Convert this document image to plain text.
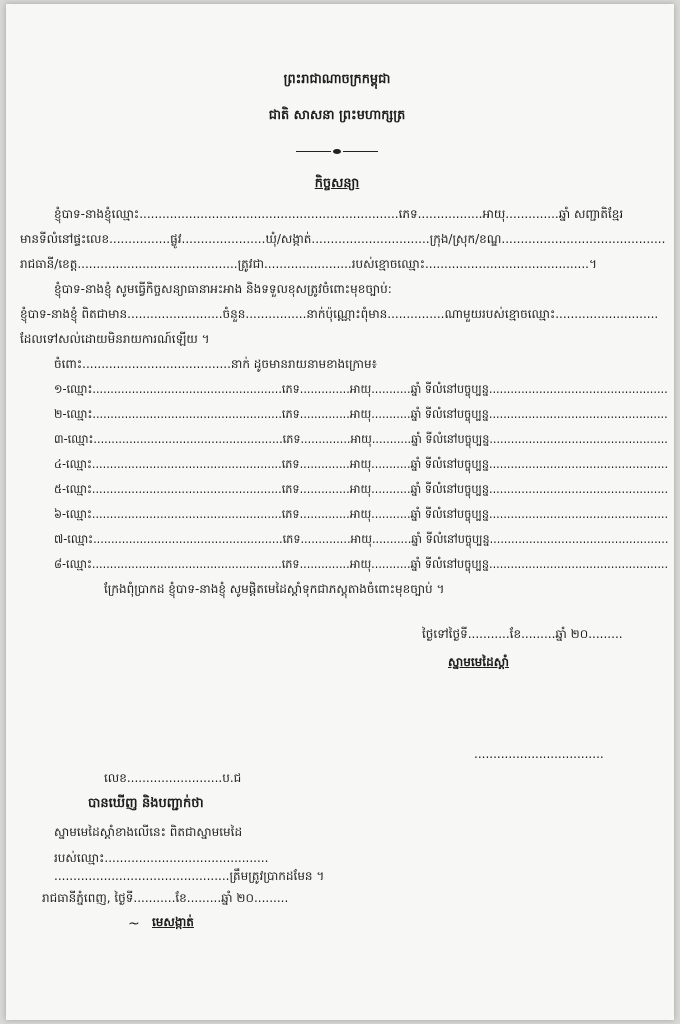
ព្រះរាជាណាចក្រកម្ពុជា
ជាតិ សាសនា ព្រះមហាក្សត្រ
កិច្ចសន្យា
ខ្ញុំបាទ-នាងខ្ញុំឈ្មោះ....................................................................ភេទ.................អាយុ..............ឆ្នាំ សញ្ជាតិខ្មែរ
មានទីលំនៅផ្ទះលេខ................ផ្លូវ......................ឃុំ/សង្កាត់...............................ក្រុង/ស្រុក/ខណ្ឌ...........................................
រាជធានី/ខេត្ត..........................................ត្រូវជា.......................របស់ខ្មោចឈ្មោះ...........................................។
ខ្ញុំបាទ-នាងខ្ញុំ សូមធ្វើកិច្ចសន្យាធានាអះអាង និងទទួលខុសត្រូវចំពោះមុខច្បាប់:
ខ្ញុំបាទ-នាងខ្ញុំ ពិតជាមាន.........................ចំនួន................នាក់ប៉ុណ្ណោះពុំមាន...............ណាមួយរបស់ខ្មោចឈ្មោះ...........................
ដែលទៅសល់ដោយមិនរាយការណ៍ឡើយ ។
ចំពោះ.......................................នាក់ ដូចមានរាយនាមខាងក្រោម៖
១-ឈ្មោះ.....................................................ភេទ..............អាយុ...........ឆ្នាំ ទីលំនៅបច្ចុប្បន្ន..................................................
២-ឈ្មោះ.....................................................ភេទ..............អាយុ...........ឆ្នាំ ទីលំនៅបច្ចុប្បន្ន..................................................
៣-ឈ្មោះ.....................................................ភេទ..............អាយុ...........ឆ្នាំ ទីលំនៅបច្ចុប្បន្ន..................................................
៤-ឈ្មោះ.....................................................ភេទ..............អាយុ...........ឆ្នាំ ទីលំនៅបច្ចុប្បន្ន..................................................
៥-ឈ្មោះ.....................................................ភេទ..............អាយុ...........ឆ្នាំ ទីលំនៅបច្ចុប្បន្ន..................................................
៦-ឈ្មោះ.....................................................ភេទ..............អាយុ...........ឆ្នាំ ទីលំនៅបច្ចុប្បន្ន..................................................
៧-ឈ្មោះ.....................................................ភេទ..............អាយុ...........ឆ្នាំ ទីលំនៅបច្ចុប្បន្ន..................................................
៨-ឈ្មោះ.....................................................ភេទ..............អាយុ...........ឆ្នាំ ទីលំនៅបច្ចុប្បន្ន..................................................
ក្រែងពុំប្រាកដ ខ្ញុំបាទ-នាងខ្ញុំ សូមផ្តិតមេដៃស្តាំទុកជាភស្តុតាងចំពោះមុខច្បាប់ ។
ថ្ងៃទៅថ្ងៃទី...........ខែ.........ឆ្នាំ ២០.........
ស្នាមមេដៃស្តាំ
..................................
លេខ.........................ប.ជ
បានឃើញ និងបញ្ជាក់ថា
ស្នាមមេដៃស្តាំខាងលើនេះ ពិតជាស្នាមមេដៃ
របស់ឈ្មោះ...........................................
..............................................ត្រឹមត្រូវប្រាកដមែន ។
រាជធានីភ្នំពេញ, ថ្ងៃទី...........ខែ.........ឆ្នាំ ២០.........
~ មេសង្កាត់
